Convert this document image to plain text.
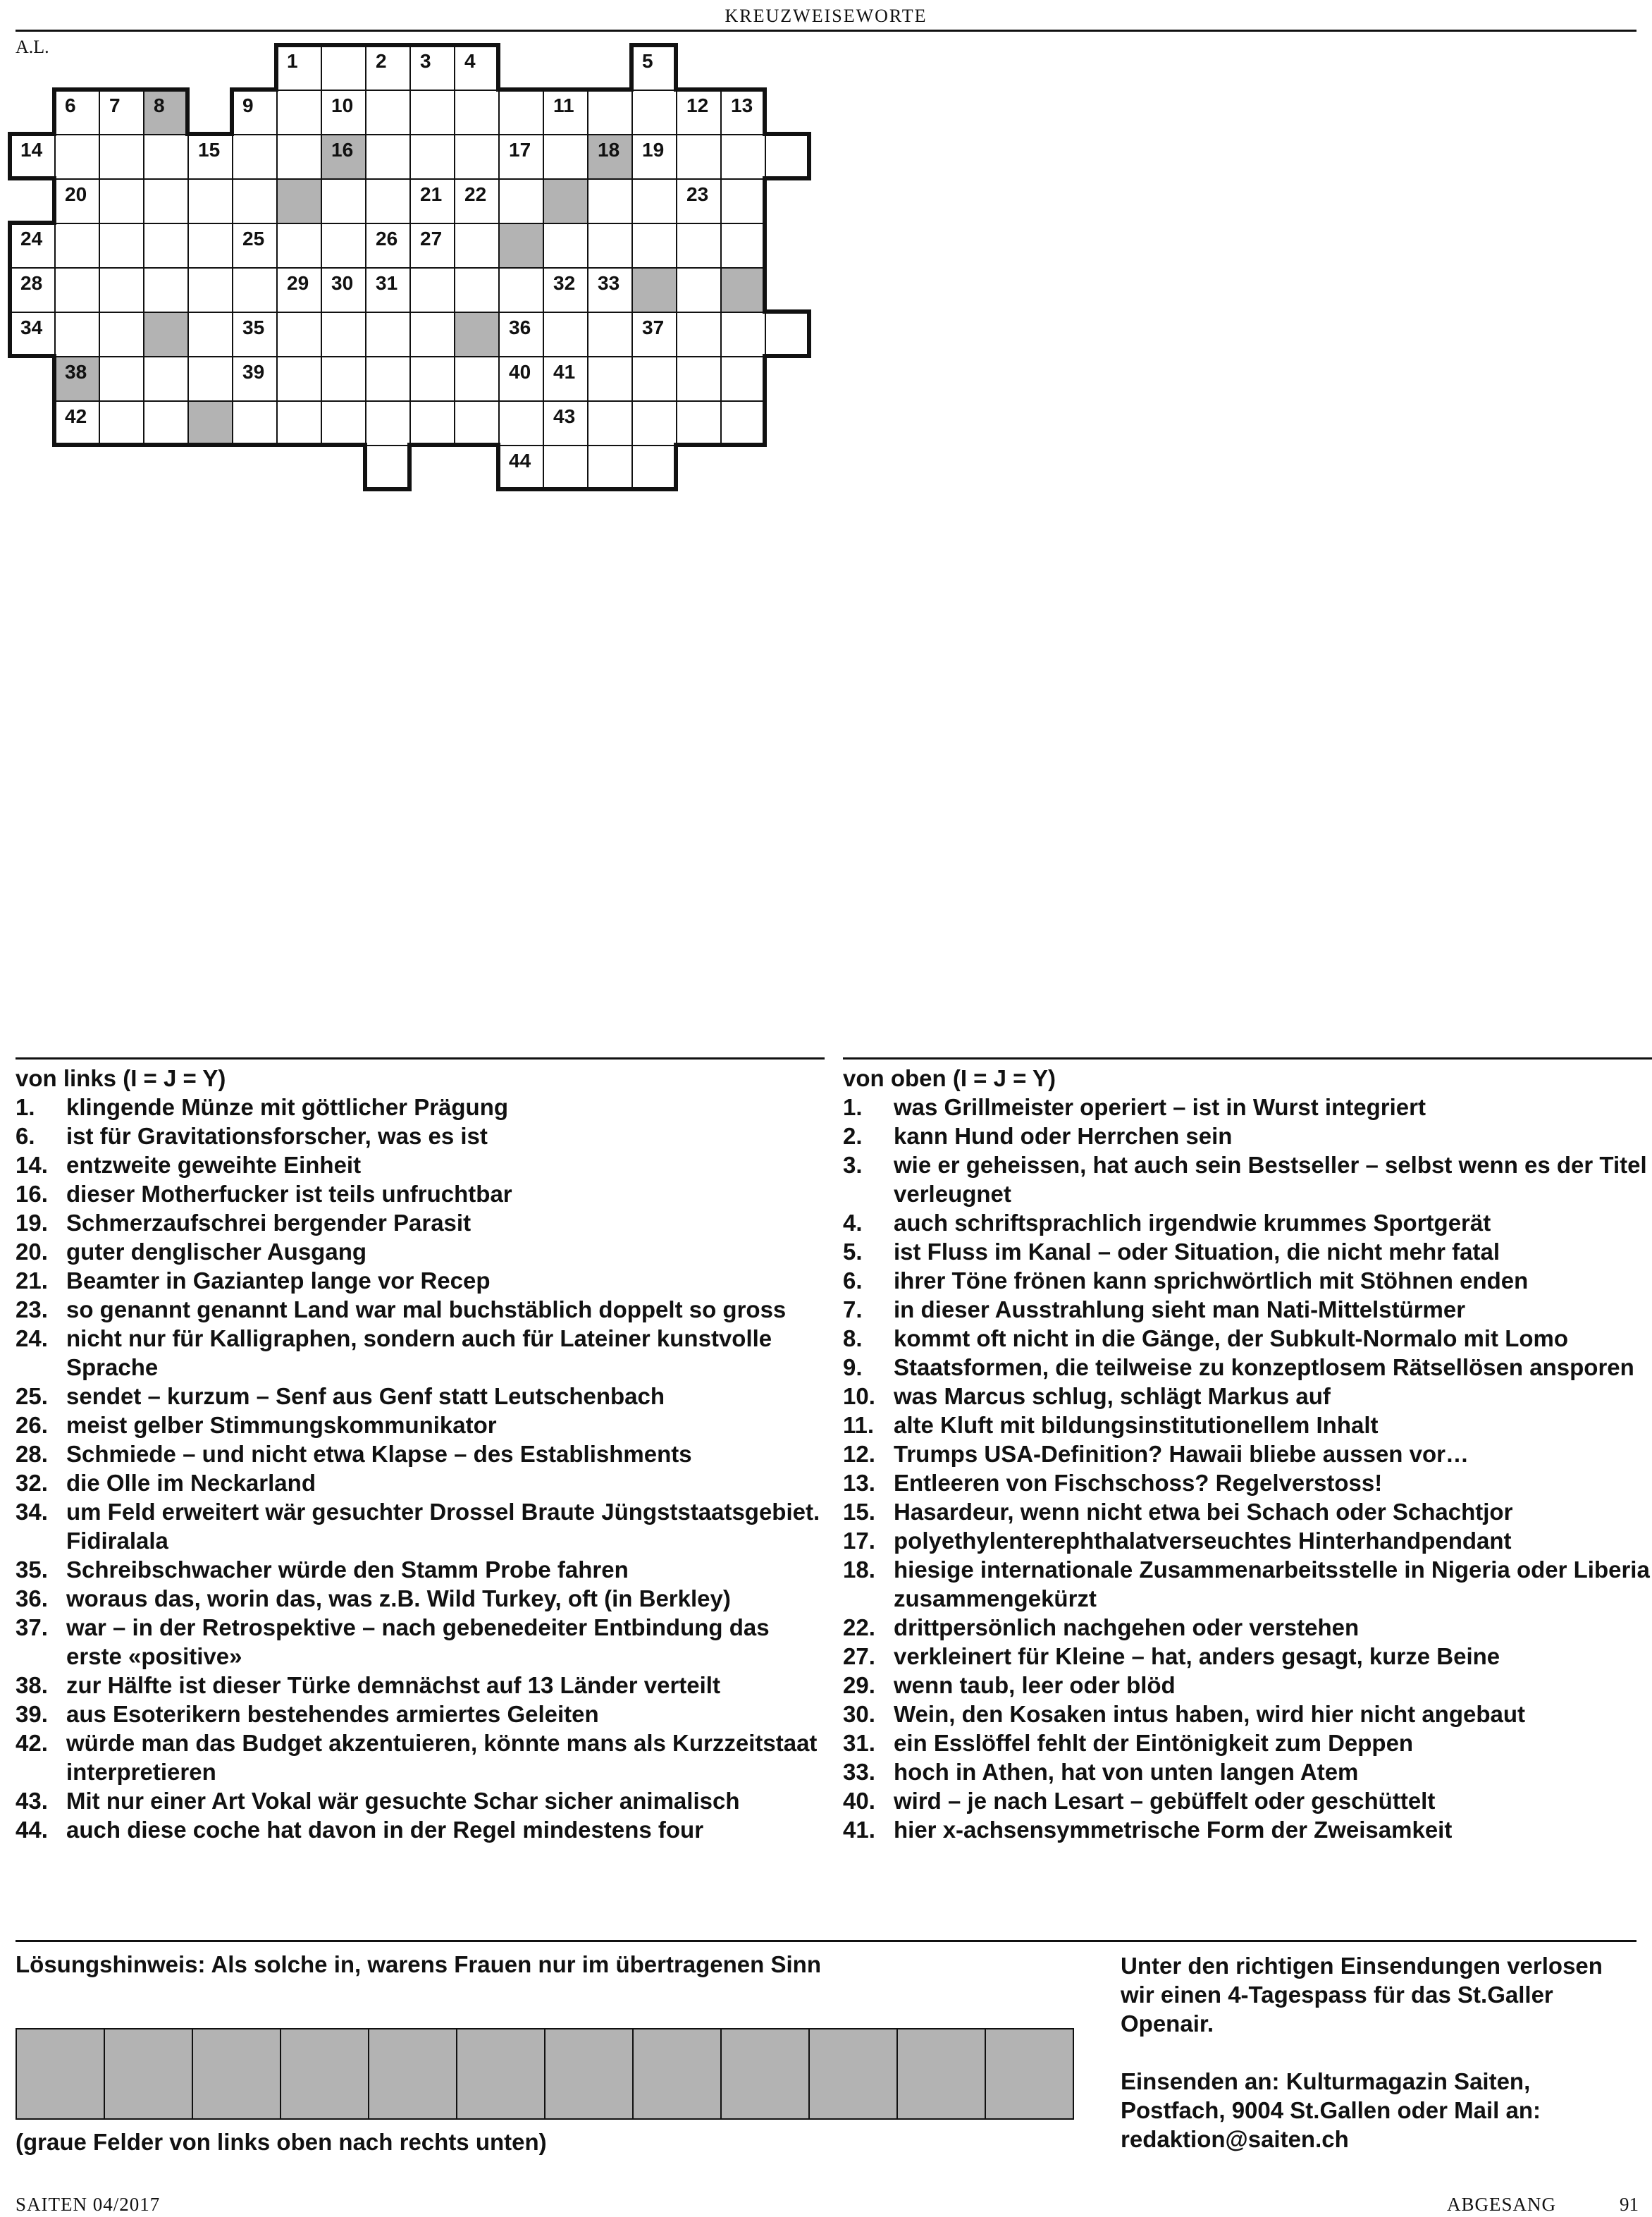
KREUZWEISEWORTE
A.L.
1	2 3 4	5
6 7 8	9	10	11	12 13
14	15	16	17	18 19
20	21 22	23
24	25	26 27
28	29 30 31	32 33
34	35	36	37
38	39	40 41
42	43
44
von links (I = J = Y)
1.	klingende Münze mit göttlicher Prägung
6.	ist für Gravitationsforscher, was es ist
14. entzweite geweihte Einheit
16. dieser Motherfucker ist teils unfruchtbar
19. Schmerzaufschrei bergender Parasit
20. guter denglischer Ausgang
21. Beamter in Gaziantep lange vor Recep
23. so genannt genannt Land war mal buchstäblich doppelt so gross
24. nicht nur für Kalligraphen, sondern auch für Lateiner kunstvolle Sprache
25. sendet – kurzum – Senf aus Genf statt Leutschenbach
26. meist gelber Stimmungskommunikator
28. Schmiede – und nicht etwa Klapse – des Establishments
32. die Olle im Neckarland
34. um Feld erweitert wär gesuchter Drossel Braute Jüngststaatsgebiet. Fidiralala
35. Schreibschwacher würde den Stamm Probe fahren
36. woraus das, worin das, was z.B. Wild Turkey, oft (in Berkley)
37. war – in der Retrospektive – nach gebenedeiter Entbindung das erste «positive»
38. zur Hälfte ist dieser Türke demnächst auf 13 Länder verteilt
39. aus Esoterikern bestehendes armiertes Geleiten
42. würde man das Budget akzentuieren, könnte mans als Kurzzeitstaat interpretieren
43. Mit nur einer Art Vokal wär gesuchte Schar sicher animalisch
44. auch diese coche hat davon in der Regel mindestens four
von oben (I = J = Y)
1.	was Grillmeister operiert – ist in Wurst integriert
2.	kann Hund oder Herrchen sein
3.	wie er geheissen, hat auch sein Bestseller – selbst wenn es der Titel verleugnet
4.	auch schriftsprachlich irgendwie krummes Sportgerät
5.	ist Fluss im Kanal – oder Situation, die nicht mehr fatal
6.	ihrer Töne frönen kann sprichwörtlich mit Stöhnen enden
7.	in dieser Ausstrahlung sieht man Nati-Mittelstürmer
8.	kommt oft nicht in die Gänge, der Subkult-Normalo mit Lomo
9.	Staatsformen, die teilweise zu konzeptlosem Rätsellösen ansporen
10. was Marcus schlug, schlägt Markus auf
11. alte Kluft mit bildungsinstitutionellem Inhalt
12. Trumps USA-Definition? Hawaii bliebe aussen vor…
13. Entleeren von Fischschoss? Regelverstoss!
15. Hasardeur, wenn nicht etwa bei Schach oder Schachtjor
17. polyethylenterephthalatverseuchtes Hinterhandpendant
18. hiesige internationale Zusammenarbeitsstelle in Nigeria oder Liberia zusammengekürzt
22. drittpersönlich nachgehen oder verstehen
27. verkleinert für Kleine – hat, anders gesagt, kurze Beine
29. wenn taub, leer oder blöd
30. Wein, den Kosaken intus haben, wird hier nicht angebaut
31. ein Esslöffel fehlt der Eintönigkeit zum Deppen
33. hoch in Athen, hat von unten langen Atem
40. wird – je nach Lesart – gebüffelt oder geschüttelt
41. hier x-achsensymmetrische Form der Zweisamkeit
Lösungshinweis: Als solche in, warens Frauen nur im übertragenen Sinn
(graue Felder von links oben nach rechts unten)

Unter den richtigen Einsendungen verlosen wir einen 4-Tagespass für das St.Galler Openair.

Einsenden an: Kulturmagazin Saiten, Postfach, 9004 St.Gallen oder Mail an: redaktion@saiten.ch

SAITEN 04/2017	ABGESANG	91
